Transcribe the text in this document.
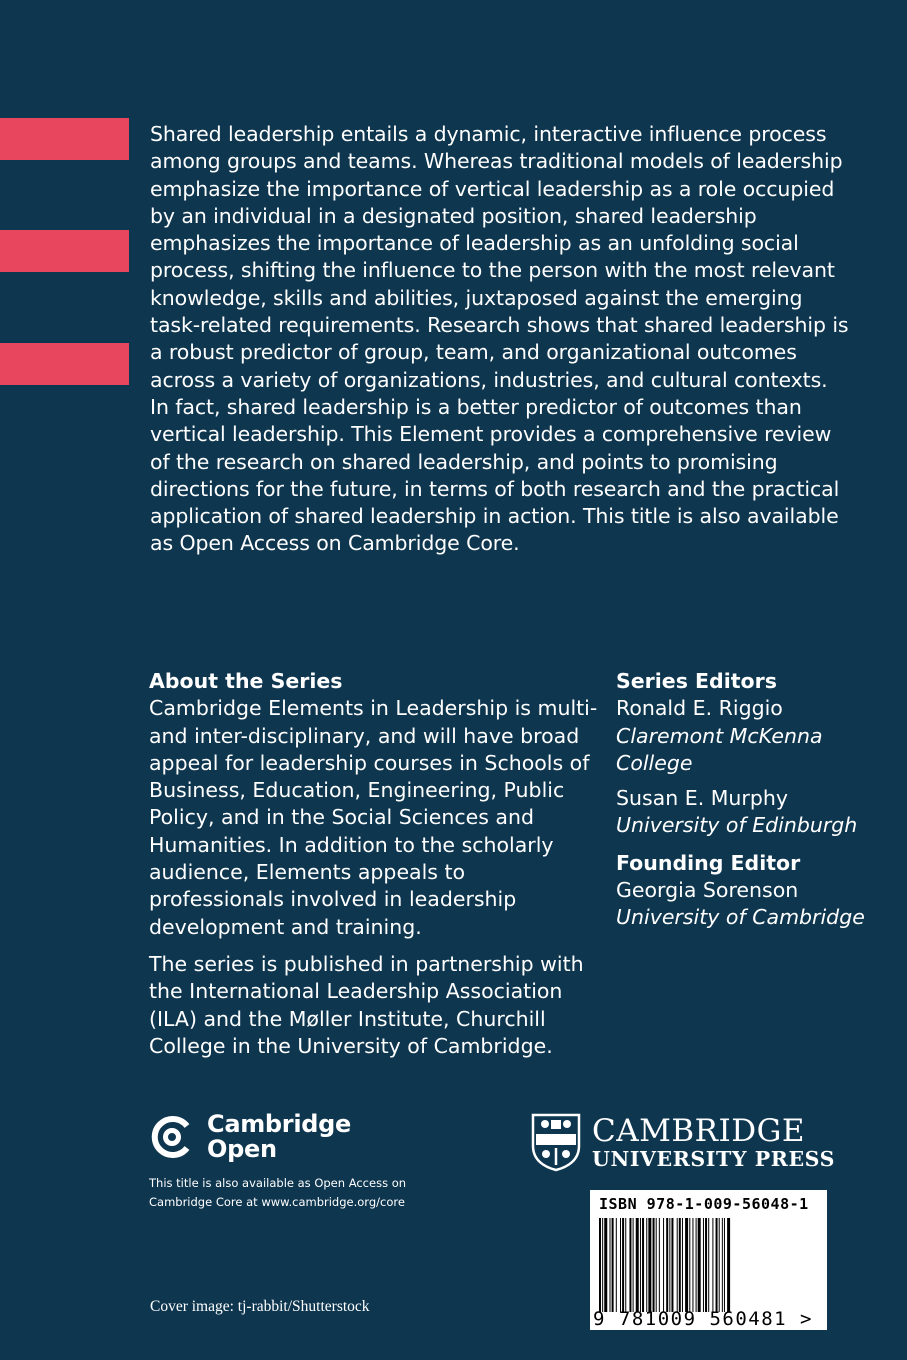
Shared leadership entails a dynamic, interactive influence process among groups and teams. Whereas traditional models of leadership emphasize the importance of vertical leadership as a role occupied by an individual in a designated position, shared leadership emphasizes the importance of leadership as an unfolding social process, shifting the influence to the person with the most relevant knowledge, skills and abilities, juxtaposed against the emerging task-related requirements. Research shows that shared leadership is a robust predictor of group, team, and organizational outcomes across a variety of organizations, industries, and cultural contexts. In fact, shared leadership is a better predictor of outcomes than vertical leadership. This Element provides a comprehensive review of the research on shared leadership, and points to promising directions for the future, in terms of both research and the practical application of shared leadership in action. This title is also available as Open Access on Cambridge Core.

About the Series

Cambridge Elements in Leadership is multi- and inter-disciplinary, and will have broad appeal for leadership courses in Schools of Business, Education, Engineering, Public Policy, and in the Social Sciences and Humanities. In addition to the scholarly audience, Elements appeals to professionals involved in leadership development and training.

The series is published in partnership with the International Leadership Association (ILA) and the Møller Institute, Churchill College in the University of Cambridge.

Series Editors
Ronald E. Riggio
Claremont McKenna College
Susan E. Murphy
University of Edinburgh
Founding Editor
Georgia Sorenson
University of Cambridge
Cambridge
Open
This title is also available as Open Access on Cambridge Core at www.cambridge.org/core
CAMBRIDGE
UNIVERSITY PRESS
ISBN 978-1-009-56048-1
9 781009 560481 >
Cover image: tj-rabbit/Shutterstock
